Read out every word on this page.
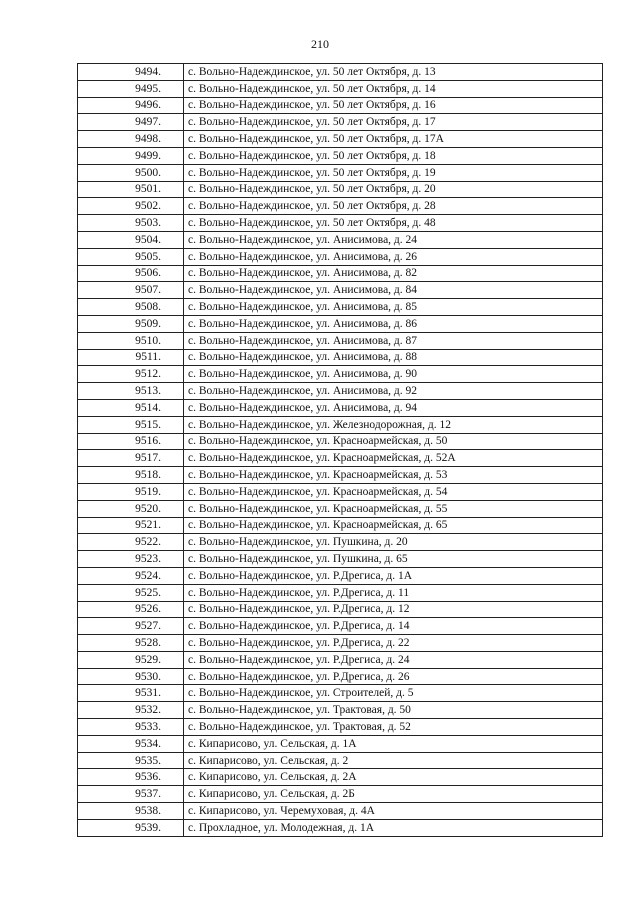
210
9494.	с. Вольно-Надеждинское, ул. 50 лет Октября, д. 13
9495.	с. Вольно-Надеждинское, ул. 50 лет Октября, д. 14
9496.	с. Вольно-Надеждинское, ул. 50 лет Октября, д. 16
9497.	с. Вольно-Надеждинское, ул. 50 лет Октября, д. 17
9498.	с. Вольно-Надеждинское, ул. 50 лет Октября, д. 17А
9499.	с. Вольно-Надеждинское, ул. 50 лет Октября, д. 18
9500.	с. Вольно-Надеждинское, ул. 50 лет Октября, д. 19
9501.	с. Вольно-Надеждинское, ул. 50 лет Октября, д. 20
9502.	с. Вольно-Надеждинское, ул. 50 лет Октября, д. 28
9503.	с. Вольно-Надеждинское, ул. 50 лет Октября, д. 48
9504.	с. Вольно-Надеждинское, ул. Анисимова, д. 24
9505.	с. Вольно-Надеждинское, ул. Анисимова, д. 26
9506.	с. Вольно-Надеждинское, ул. Анисимова, д. 82
9507.	с. Вольно-Надеждинское, ул. Анисимова, д. 84
9508.	с. Вольно-Надеждинское, ул. Анисимова, д. 85
9509.	с. Вольно-Надеждинское, ул. Анисимова, д. 86
9510.	с. Вольно-Надеждинское, ул. Анисимова, д. 87
9511.	с. Вольно-Надеждинское, ул. Анисимова, д. 88
9512.	с. Вольно-Надеждинское, ул. Анисимова, д. 90
9513.	с. Вольно-Надеждинское, ул. Анисимова, д. 92
9514.	с. Вольно-Надеждинское, ул. Анисимова, д. 94
9515.	с. Вольно-Надеждинское, ул. Железнодорожная, д. 12
9516.	с. Вольно-Надеждинское, ул. Красноармейская, д. 50
9517.	с. Вольно-Надеждинское, ул. Красноармейская, д. 52А
9518.	с. Вольно-Надеждинское, ул. Красноармейская, д. 53
9519.	с. Вольно-Надеждинское, ул. Красноармейская, д. 54
9520.	с. Вольно-Надеждинское, ул. Красноармейская, д. 55
9521.	с. Вольно-Надеждинское, ул. Красноармейская, д. 65
9522.	с. Вольно-Надеждинское, ул. Пушкина, д. 20
9523.	с. Вольно-Надеждинское, ул. Пушкина, д. 65
9524.	с. Вольно-Надеждинское, ул. Р.Дрегиса, д. 1А
9525.	с. Вольно-Надеждинское, ул. Р.Дрегиса, д. 11
9526.	с. Вольно-Надеждинское, ул. Р.Дрегиса, д. 12
9527.	с. Вольно-Надеждинское, ул. Р.Дрегиса, д. 14
9528.	с. Вольно-Надеждинское, ул. Р.Дрегиса, д. 22
9529.	с. Вольно-Надеждинское, ул. Р.Дрегиса, д. 24
9530.	с. Вольно-Надеждинское, ул. Р.Дрегиса, д. 26
9531.	с. Вольно-Надеждинское, ул. Строителей, д. 5
9532.	с. Вольно-Надеждинское, ул. Трактовая, д. 50
9533.	с. Вольно-Надеждинское, ул. Трактовая, д. 52
9534.	с. Кипарисово, ул. Сельская, д. 1А
9535.	с. Кипарисово, ул. Сельская, д. 2
9536.	с. Кипарисово, ул. Сельская, д. 2А
9537.	с. Кипарисово, ул. Сельская, д. 2Б
9538.	с. Кипарисово, ул. Черемуховая, д. 4А
9539.	с. Прохладное, ул. Молодежная, д. 1А
